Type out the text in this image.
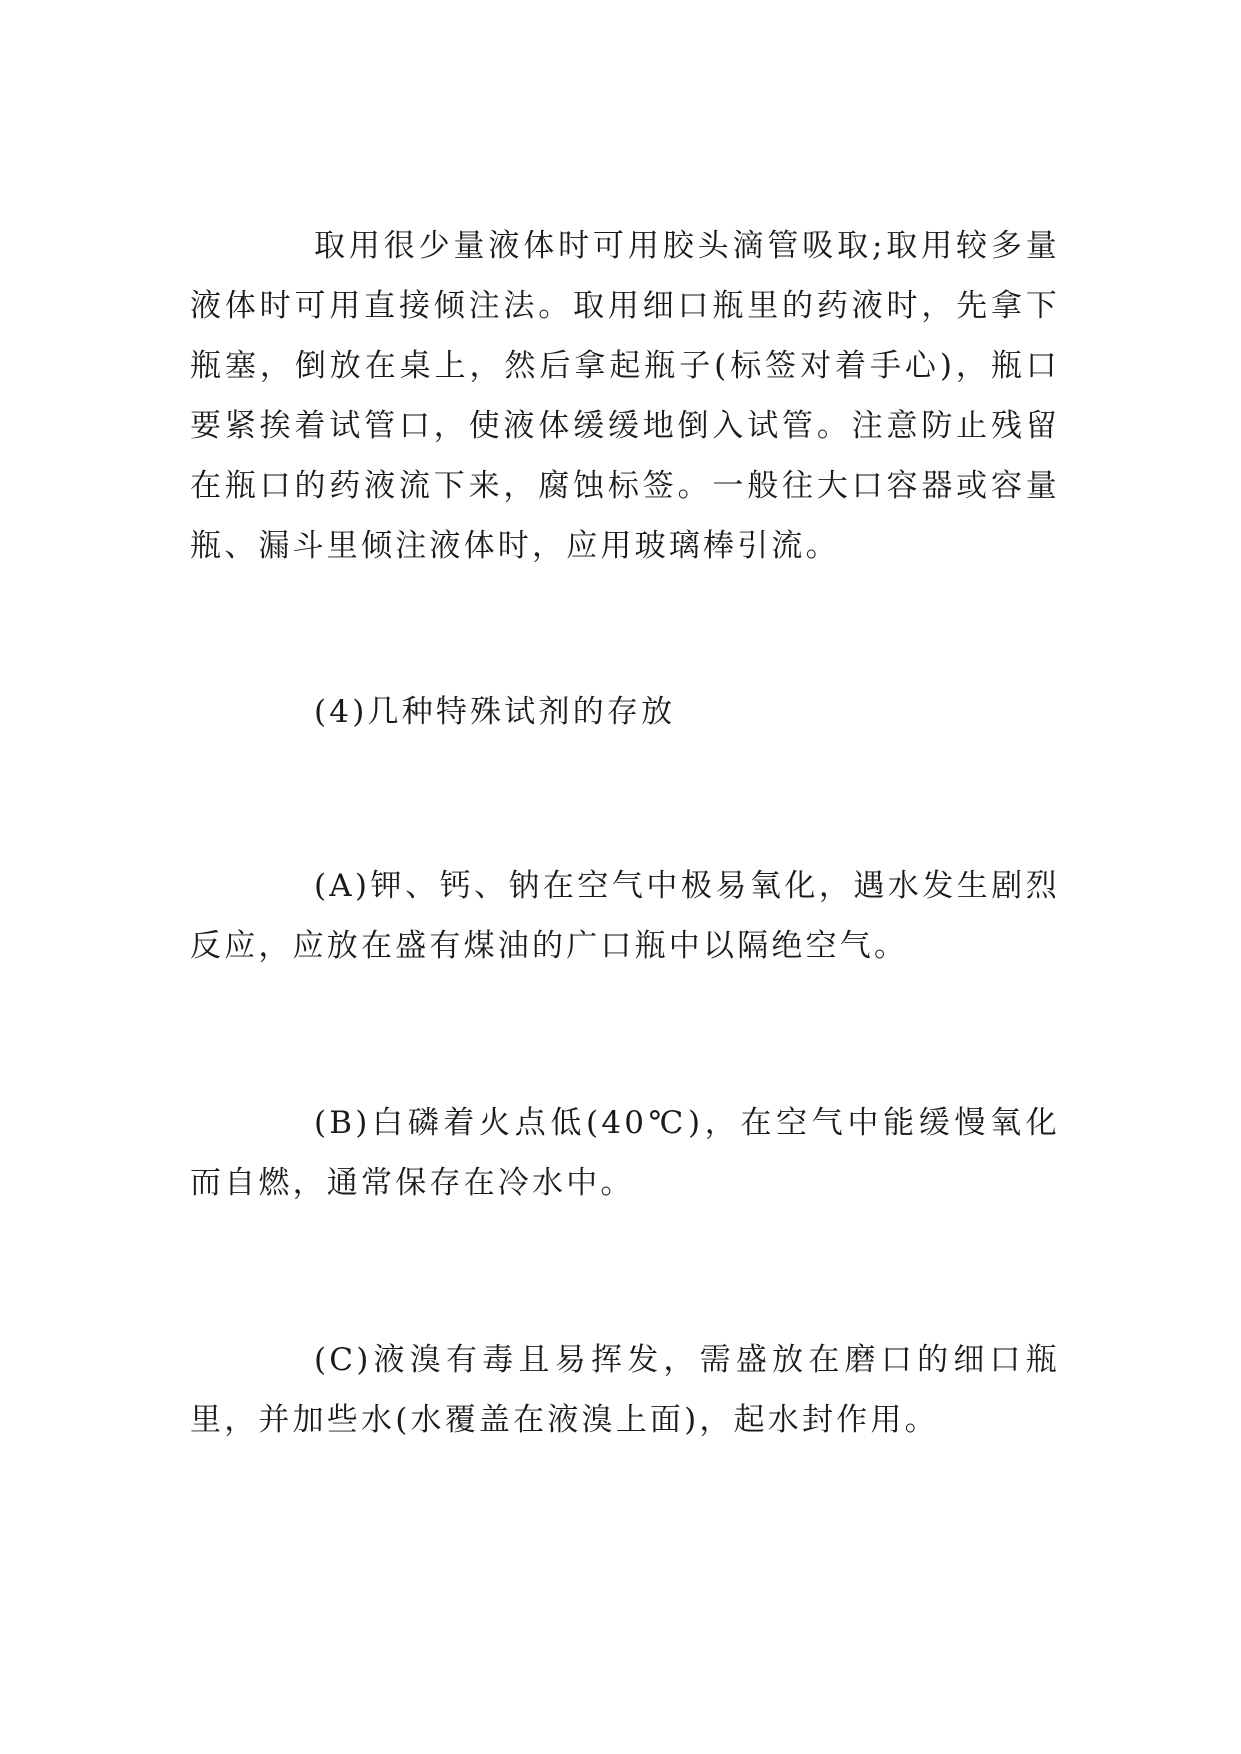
取用很少量液体时可用胶头滴管吸取;取用较多量液体时可用直接倾注法。取用细口瓶里的药液时，先拿下瓶塞，倒放在桌上，然后拿起瓶子(标签对着手心)，瓶口要紧挨着试管口，使液体缓缓地倒入试管。注意防止残留在瓶口的药液流下来，腐蚀标签。一般往大口容器或容量瓶、漏斗里倾注液体时，应用玻璃棒引流。

(4)几种特殊试剂的存放

(A)钾、钙、钠在空气中极易氧化，遇水发生剧烈反应，应放在盛有煤油的广口瓶中以隔绝空气。

(B)白磷着火点低(40℃)，在空气中能缓慢氧化而自燃，通常保存在冷水中。

(C)液溴有毒且易挥发，需盛放在磨口的细口瓶里，并加些水(水覆盖在液溴上面)，起水封作用。
